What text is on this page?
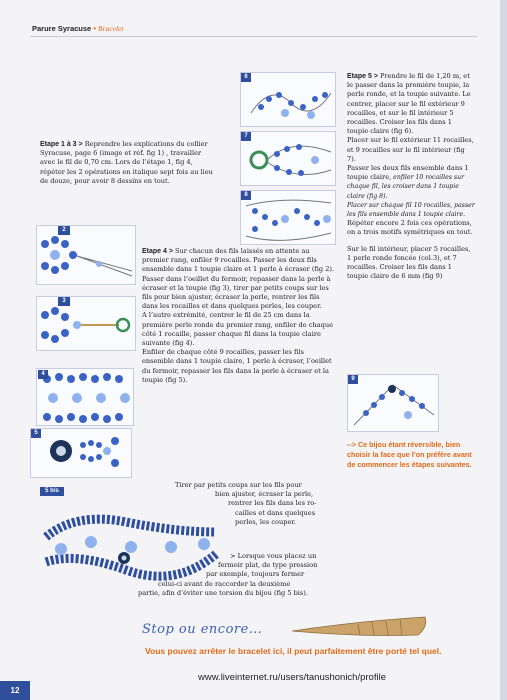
Parure Syracuse • Bracelet
Etape 1 à 3 > Reprendre les explications du collier Syracuse, page 6 (image et réf. fig 1) , travailler avec le fil de 0,70 cm. Lors de l’étape 1, fig 4, répéter les 2 opérations en italique sept fois au lieu de douze, pour avoir 8 dessins en tout.

Etape 5 > Prendre le fil de 1,20 m, et le passer dans la première toupie, la perle ronde, et la toupie suivante. Le centrer, placer sur le fil extérieur 9 rocailles, et sur le fil intérieur 5 rocailles. Croiser les fils dans 1 toupie claire (fig 6).

Placer sur le fil extérieur 11 rocailles, et 9 rocailles sur le fil intérieur (fig 7).

Passer les deux fils ensemble dans 1 toupie claire, enfiler 10 rocailles sur chaque fil, les croiser dans 1 toupie claire (fig 8).

Placer sur chaque fil 10 rocailles, passer les fils ensemble dans 1 toupie claire. Répéter encore 2 fois ces opérations, on a trois motifs symétriques en tout.

Sur le fil intérieur, placer 5 rocailles, 1 perle ronde foncée (col.3), et 7 rocailles. Croiser les fils dans 1 toupie claire de 6 mm (fig 9)

Etape 4 > Sur chacun des fils laissés en attente au premier rang, enfiler 9 rocailles. Passer les deux fils ensemble dans 1 toupie claire et 1 perle à écraser (fig 2).

Passer dans l’oeillet du fermoir, repasser dans la perle à écraser et la toupie (fig 3), tirer par petits coups sur les fils pour bien ajuster, écraser la perle, rentrer les fils dans les rocailles et dans quelques perles, les couper.

A l’autre extrémité, centrer le fil de 25 cm dans la première perle ronde du premier rang, enfiler de chaque côté 1 rocaille, passer chaque fil dans la toupie claire suivante (fig 4).

Enfiler de chaque côté 9 rocailles, passer les fils ensemble dans 1 toupie claire, 1 perle à écraser, l’oeillet du fermoir, repasser les fils dans la perle à écraser et la toupie (fig 5).

Tirer par petits coups sur les fils pour

bien ajuster, écraser la perle,

rentrer les fils dans les ro-

cailles et dans quelques

perles, les couper.

> Lorsque vous placez un

fermoir plat, de type pression

par exemple, toujours fermer

celui-ci avant de raccorder la deuxième

partie, afin d’éviter une torsion du bijou (fig 5 bis).

--> Ce bijou étant réversible, bien choisir la face que l’on préfère avant de commencer les étapes suivantes.
6
7
8
2
3
4
5
5 bis
9
Stop ou encore…
Vous pouvez arrêter le bracelet ici, il peut parfaitement être porté tel quel.
12
www.liveinternet.ru/users/tanushonich/profile
